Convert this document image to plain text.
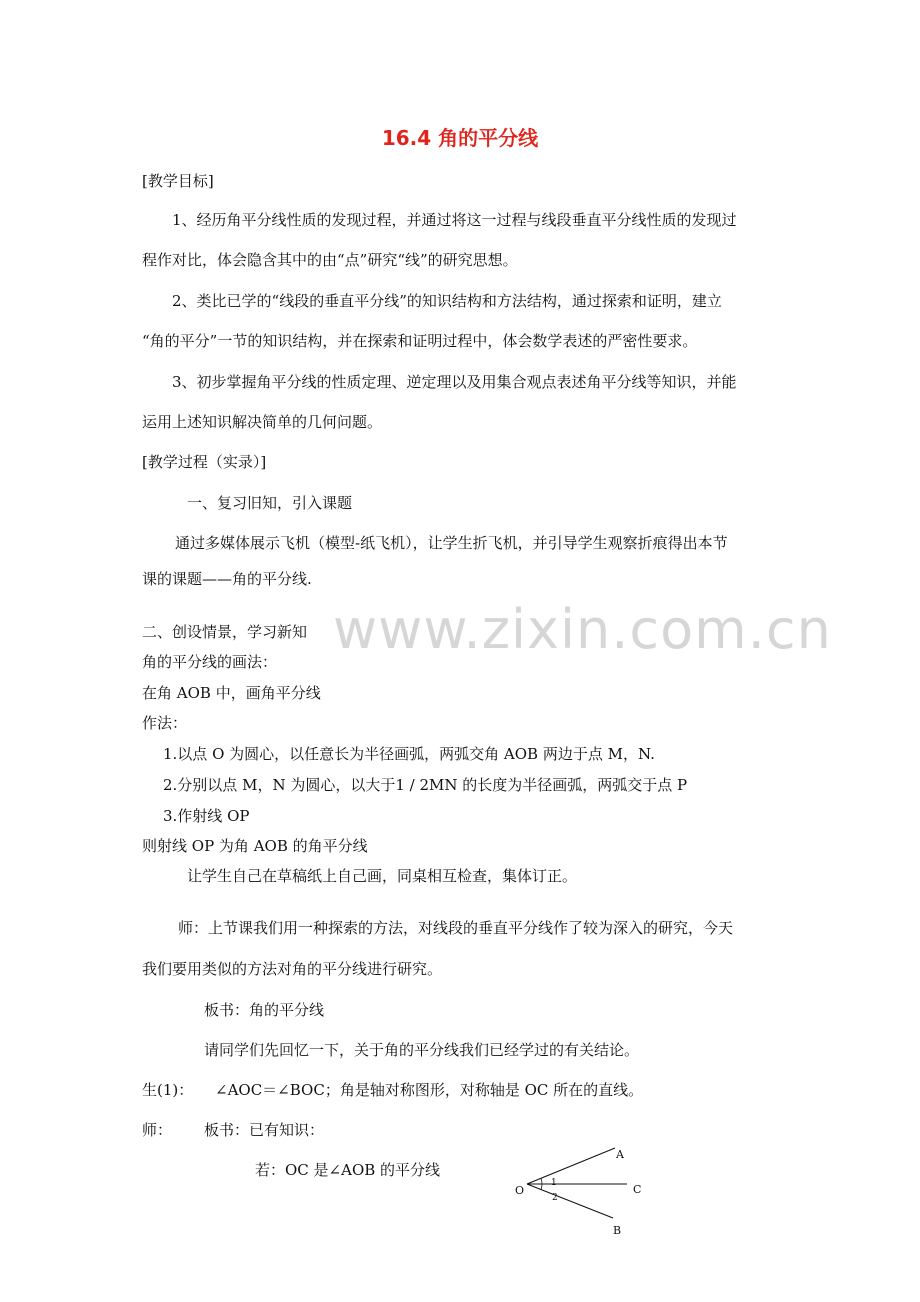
www.zixin.com.cn
16.4 角的平分线
[教学目标]
1、经历角平分线性质的发现过程，并通过将这一过程与线段垂直平分线性质的发现过
程作对比，体会隐含其中的由“点”研究“线”的研究思想。
2、类比已学的“线段的垂直平分线”的知识结构和方法结构，通过探索和证明，建立
“角的平分”一节的知识结构，并在探索和证明过程中，体会数学表述的严密性要求。
3、初步掌握角平分线的性质定理、逆定理以及用集合观点表述角平分线等知识，并能
运用上述知识解决简单的几何问题。
[教学过程（实录）]
一、复习旧知，引入课题
通过多媒体展示飞机（模型-纸飞机），让学生折飞机，并引导学生观察折痕得出本节
课的课题——角的平分线.
二、创设情景，学习新知
角的平分线的画法：
在角 AOB 中，画角平分线
作法：
1.以点 O 为圆心，以任意长为半径画弧，两弧交角 AOB 两边于点 M，N.
2.分别以点 M，N 为圆心，以大于1 / 2MN 的长度为半径画弧，两弧交于点 P
3.作射线 OP
则射线 OP 为角 AOB 的角平分线
让学生自己在草稿纸上自己画，同桌相互检查，集体订正。
师：上节课我们用一种探索的方法，对线段的垂直平分线作了较为深入的研究，今天
我们要用类似的方法对角的平分线进行研究。
板书：角的平分线
请同学们先回忆一下，关于角的平分线我们已经学过的有关结论。
生(1)： ∠AOC＝∠BOC；角是轴对称图形，对称轴是 OC 所在的直线。
师： 板书：已有知识：
若：OC 是∠AOB 的平分线
A
O	C
B
1
2
